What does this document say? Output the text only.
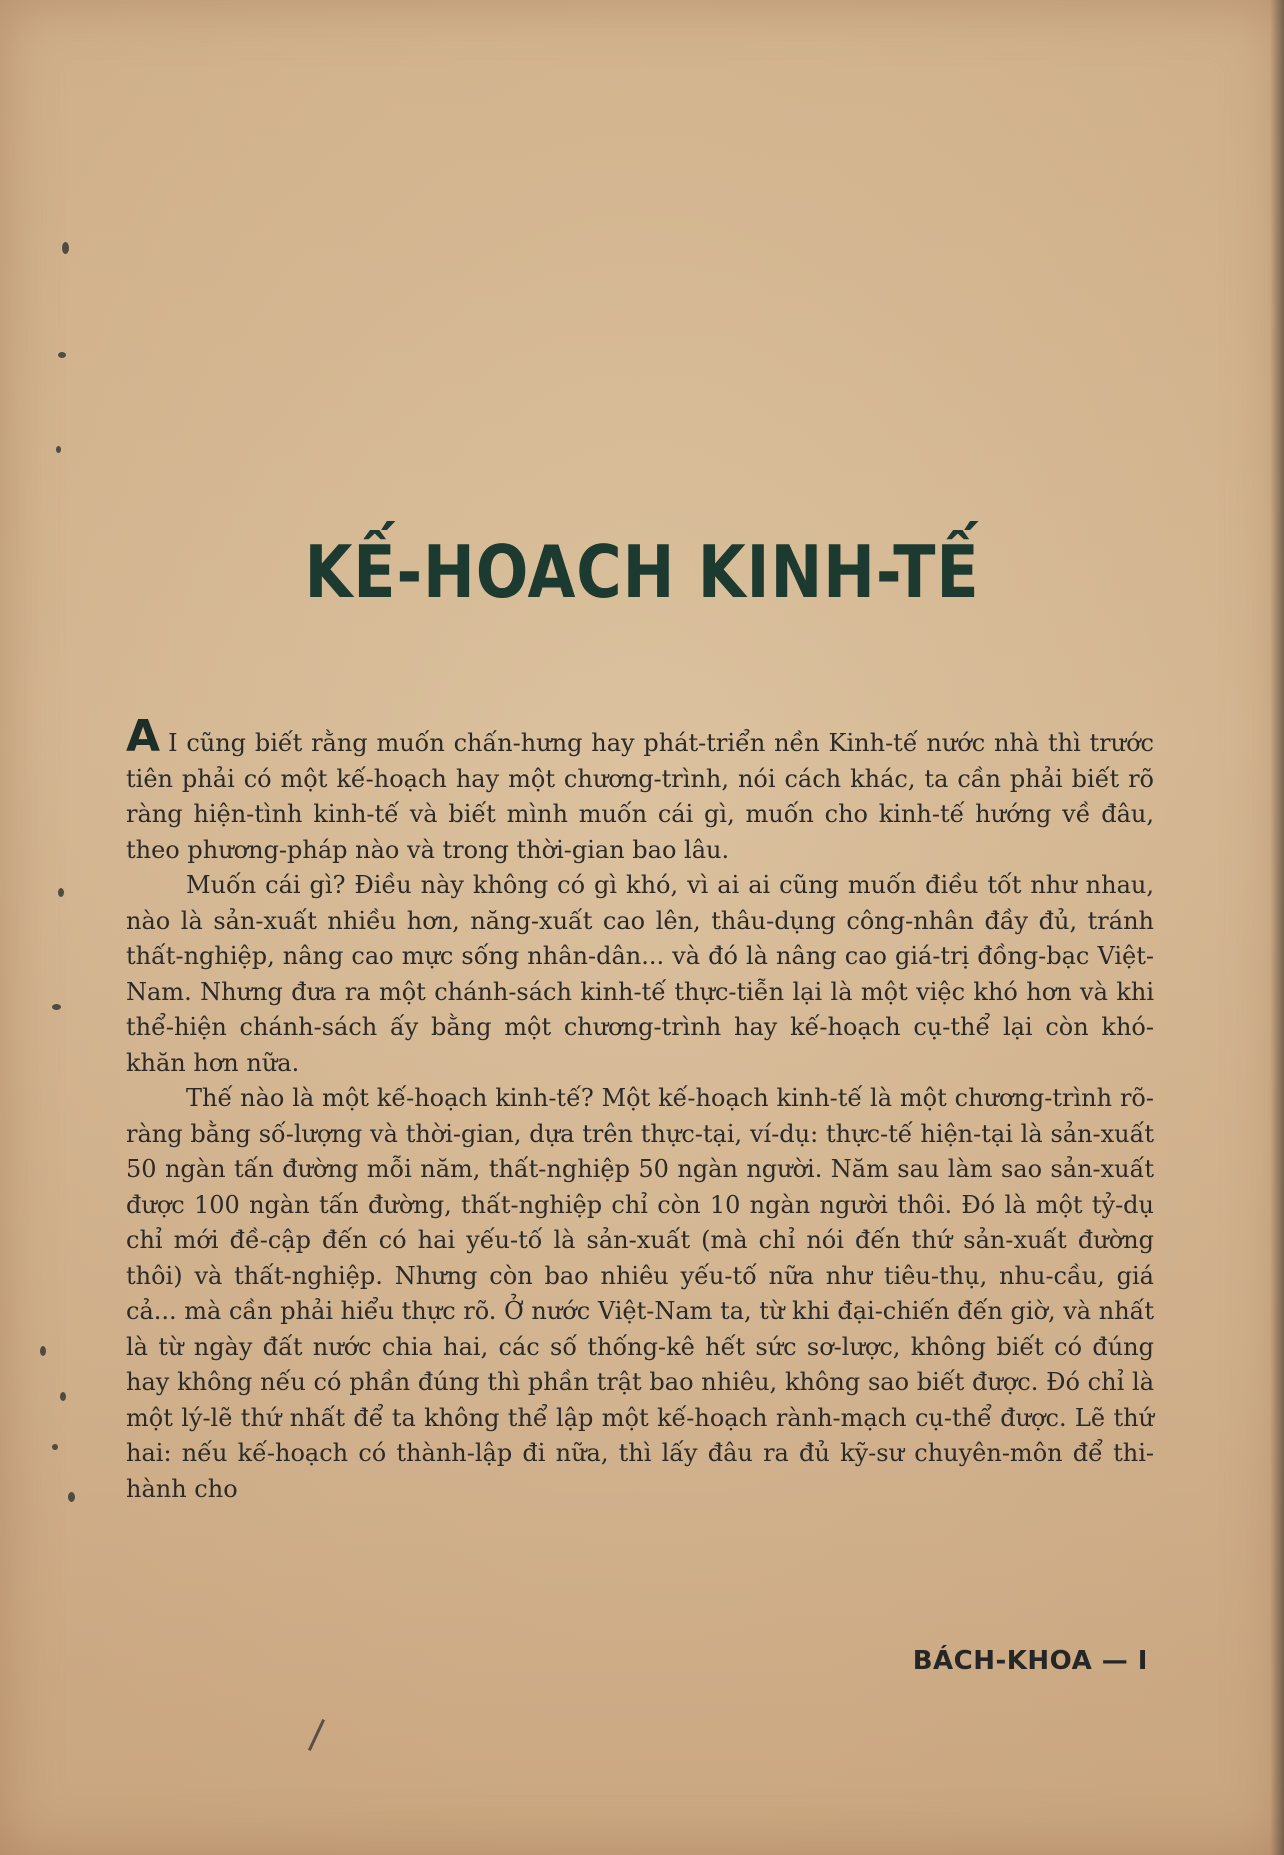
KẾ-HOACH KINH-TẾ

A I cũng biết rằng muốn chấn-hưng hay phát-triển nền Kinh-tế nước nhà thì trước tiên phải có một kế-hoạch hay một chương-trình, nói cách khác, ta cần phải biết rõ ràng hiện-tình kinh-tế và biết mình muốn cái gì, muốn cho kinh-tế hướng về đâu, theo phương-pháp nào và trong thời-gian bao lâu.

Muốn cái gì? Điều này không có gì khó, vì ai ai cũng muốn điều tốt như nhau, nào là sản-xuất nhiều hơn, năng-xuất cao lên, thâu-dụng công-nhân đầy đủ, tránh thất-nghiệp, nâng cao mực sống nhân-dân... và đó là nâng cao giá-trị đồng-bạc Việt-Nam. Nhưng đưa ra một chánh-sách kinh-tế thực-tiễn lại là một việc khó hơn và khi thể-hiện chánh-sách ấy bằng một chương-trình hay kế-hoạch cụ-thể lại còn khó-khăn hơn nữa.

Thế nào là một kế-hoạch kinh-tế? Một kế-hoạch kinh-tế là một chương-trình rõ-ràng bằng số-lượng và thời-gian, dựa trên thực-tại, ví-dụ: thực-tế hiện-tại là sản-xuất 50 ngàn tấn đường mỗi năm, thất-nghiệp 50 ngàn người. Năm sau làm sao sản-xuất được 100 ngàn tấn đường, thất-nghiệp chỉ còn 10 ngàn người thôi. Đó là một tỷ-dụ chỉ mới đề-cập đến có hai yếu-tố là sản-xuất (mà chỉ nói đến thứ sản-xuất đường thôi) và thất-nghiệp. Nhưng còn bao nhiêu yếu-tố nữa như tiêu-thụ, nhu-cầu, giá cả... mà cần phải hiểu thực rõ. Ở nước Việt-Nam ta, từ khi đại-chiến đến giờ, và nhất là từ ngày đất nước chia hai, các số thống-kê hết sức sơ-lược, không biết có đúng hay không nếu có phần đúng thì phần trật bao nhiêu, không sao biết được. Đó chỉ là một lý-lẽ thứ nhất để ta không thể lập một kế-hoạch rành-mạch cụ-thể được. Lẽ thứ hai: nếu kế-hoạch có thành-lập đi nữa, thì lấy đâu ra đủ kỹ-sư chuyên-môn để thi-hành cho

BÁCH-KHOA — I
